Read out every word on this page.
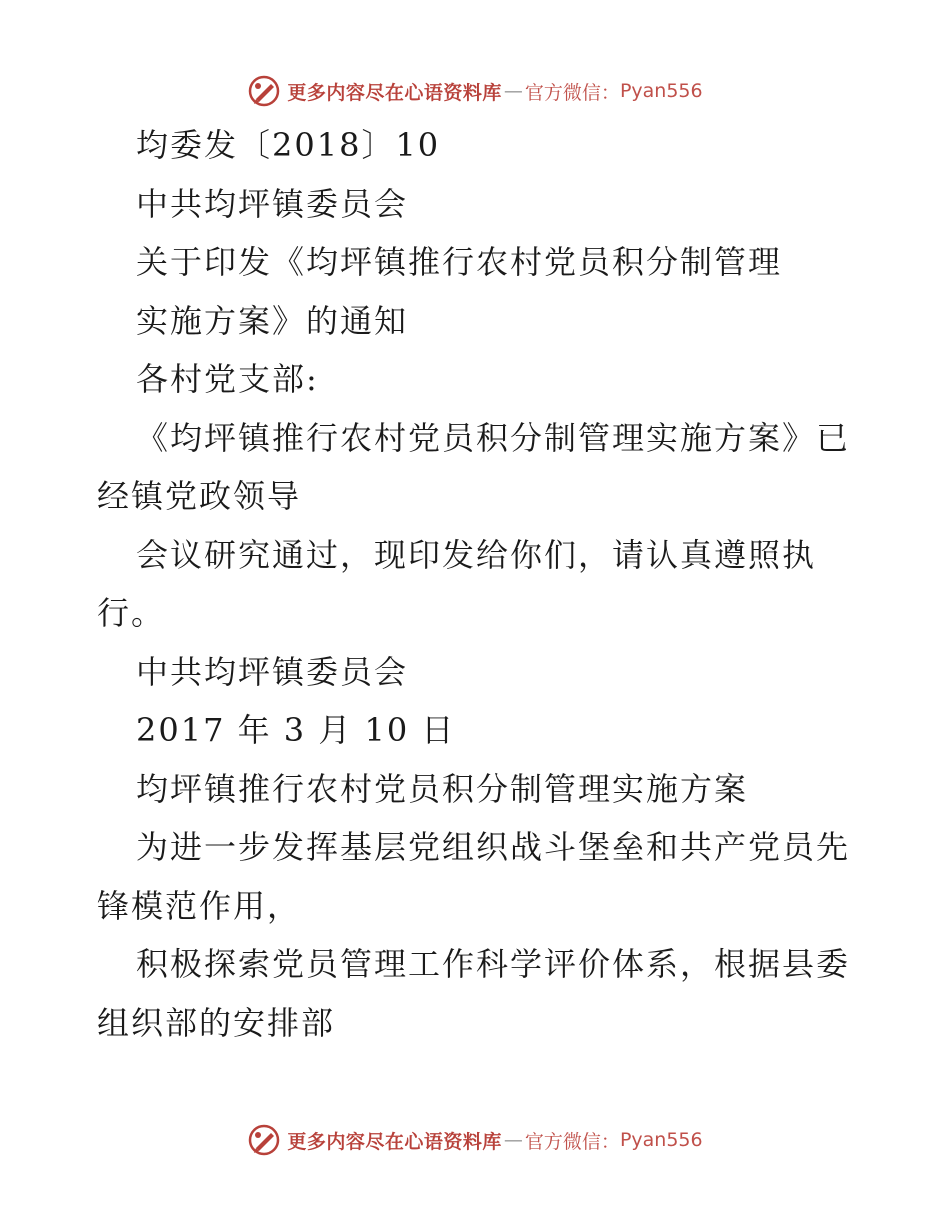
更多内容尽在心语资料库 — 官方微信： Pyan556
均委发〔2018〕10
中共均坪镇委员会
关于印发《均坪镇推行农村党员积分制管理
实施方案》的通知
各村党支部:
《均坪镇推行农村党员积分制管理实施方案》已
经镇党政领导
会议研究通过，现印发给你们，请认真遵照执
行。
中共均坪镇委员会
2017 年 3 月 10 日
均坪镇推行农村党员积分制管理实施方案
为进一步发挥基层党组织战斗堡垒和共产党员先
锋模范作用，
积极探索党员管理工作科学评价体系，根据县委
组织部的安排部
更多内容尽在心语资料库 — 官方微信： Pyan556
